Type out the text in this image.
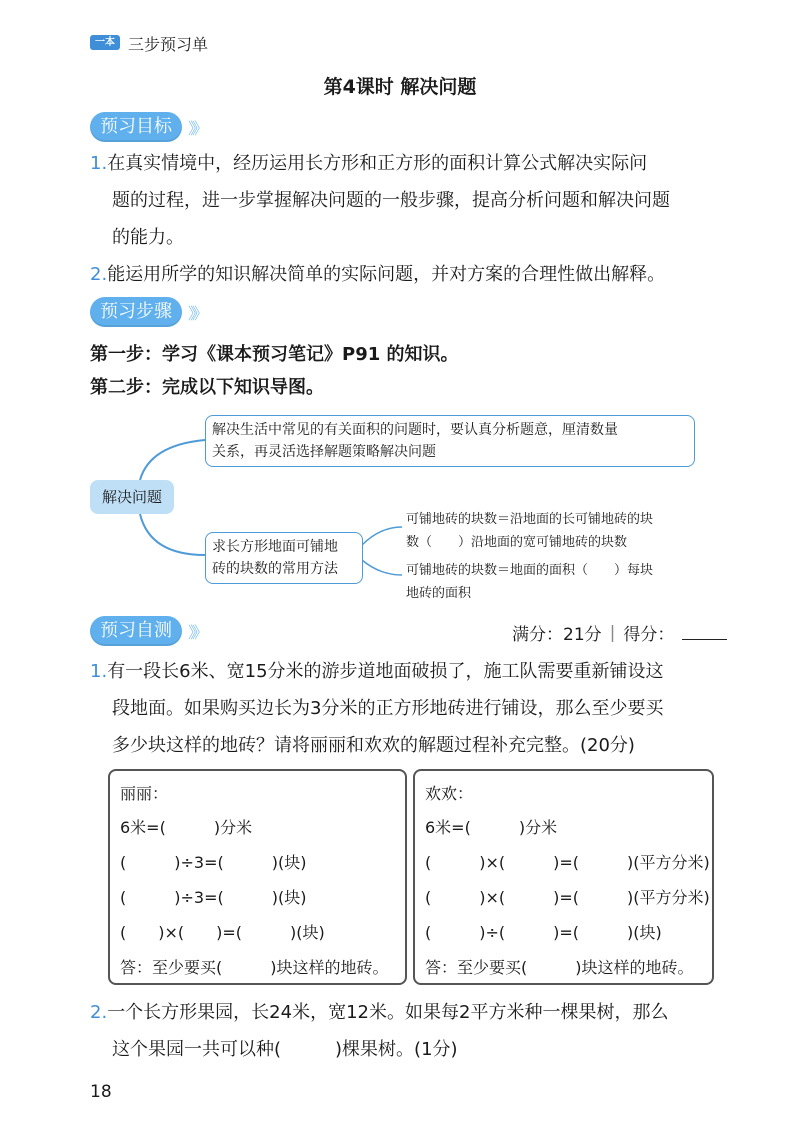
一本 三步预习单
第4课时 解决问题
预习目标	》》
1.在真实情境中，经历运用长方形和正方形的面积计算公式解决实际问
题的过程，进一步掌握解决问题的一般步骤，提高分析问题和解决问题
的能力。
2.能运用所学的知识解决简单的实际问题，并对方案的合理性做出解释。
预习步骤	》》
第一步：学习《课本预习笔记》P91 的知识。
第二步：完成以下知识导图。
解决问题
解决生活中常见的有关面积的问题时，要认真分析题意，厘清数量
关系，再灵活选择解题策略解决问题
求长方形地面可铺地
砖的块数的常用方法
可铺地砖的块数＝沿地面的长可铺地砖的块
数（　　）沿地面的宽可铺地砖的块数
可铺地砖的块数＝地面的面积（　　）每块
地砖的面积
预习自测	》》	满分：21分 | 得分：
1.有一段长6米、宽15分米的游步道地面破损了，施工队需要重新铺设这
段地面。如果购买边长为3分米的正方形地砖进行铺设，那么至少要买
多少块这样的地砖？请将丽丽和欢欢的解题过程补充完整。(20分)
丽丽：
6米=(　　　)分米
(　　　)÷3=(　　　)(块)
(　　　)÷3=(　　　)(块)
(　　)×(　　)=(　　　)(块)
答：至少要买(　　　)块这样的地砖。
欢欢：
6米=(　　　)分米
(　　　)×(　　　)=(　　　)(平方分米)
(　　　)×(　　　)=(　　　)(平方分米)
(　　　)÷(　　　)=(　　　)(块)
答：至少要买(　　　)块这样的地砖。
2.一个长方形果园，长24米，宽12米。如果每2平方米种一棵果树，那么
这个果园一共可以种(　　　)棵果树。(1分)
18
